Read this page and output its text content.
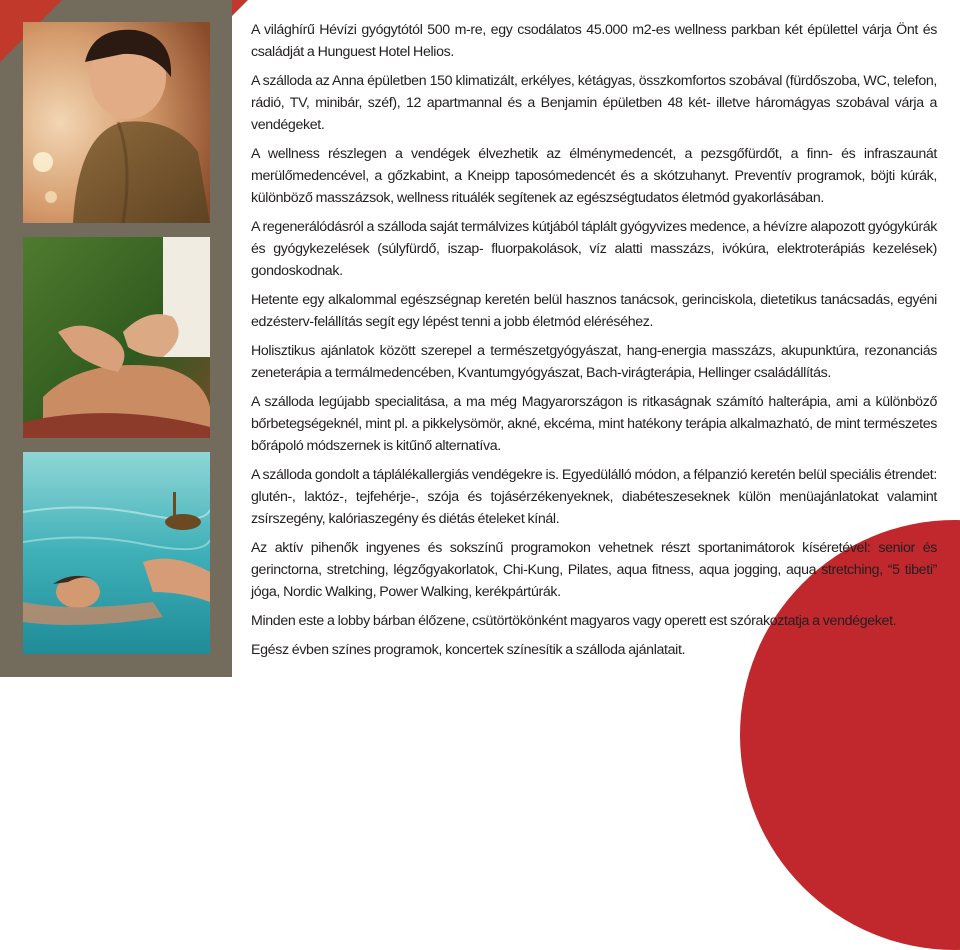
A világhírű Hévízi gyógytótól 500 m-re, egy csodálatos 45.000 m2-es wellness parkban két épülettel várja Önt és családját a Hunguest Hotel Helios.

A szálloda az Anna épületben 150 klimatizált, erkélyes, kétágyas, összkomfortos szobával (fürdőszoba, WC, telefon, rádió, TV, minibár, széf), 12 apartmannal és a Benjamin épületben 48 két- illetve háromágyas szobával várja a vendégeket.

A wellness részlegen a vendégek élvezhetik az élménymedencét, a pezsgőfürdőt, a finn- és infraszaunát merülőmedencével, a gőzkabint, a Kneipp taposómedencét és a skótzuhanyt. Preventív programok, böjti kúrák, különböző masszázsok, wellness rituálék segítenek az egészségtudatos életmód gyakorlásában.

A regenerálódásról a szálloda saját termálvizes kútjából táplált gyógyvizes medence, a hévízre alapozott gyógykúrák és gyógykezelések (súlyfürdő, iszap- fluorpakolások, víz alatti masszázs, ivókúra, elektroterápiás kezelések) gondoskodnak.

Hetente egy alkalommal egészségnap keretén belül hasznos tanácsok, gerinciskola, dietetikus tanácsadás, egyéni edzésterv-felállítás segít egy lépést tenni a jobb életmód eléréséhez.

Holisztikus ajánlatok között szerepel a természetgyógyászat, hang-energia masszázs, akupunktúra, rezonanciás zeneterápia a termálmedencében, Kvantumgyógyászat, Bach-virágterápia, Hellinger családállítás.

A szálloda legújabb specialitása, a ma még Magyarországon is ritkaságnak számító halterápia, ami a különböző bőrbetegségeknél, mint pl. a pikkelysömör, akné, ekcéma, mint hatékony terápia alkalmazható, de mint természetes bőrápoló módszernek is kitűnő alternatíva.

A szálloda gondolt a táplálékallergiás vendégekre is. Egyedülálló módon, a félpanzió keretén belül speciális étrendet: glutén-, laktóz-, tejfehérje-, szója és tojásérzékenyeknek, diabéteszeseknek külön menüajánlatokat valamint zsírszegény, kalóriaszegény és diétás ételeket kínál.

Az aktív pihenők ingyenes és sokszínű programokon vehetnek részt sportanimátorok kíséretével: senior és gerinctorna, stretching, légzőgyakorlatok, Chi-Kung, Pilates, aqua fitness, aqua jogging, aqua stretching, “5 tibeti” jóga, Nordic Walking, Power Walking, kerékpártúrák.

Minden este a lobby bárban élőzene, csütörtökönként magyaros vagy operett est szórakoztatja a vendégeket.

Egész évben színes programok, koncertek színesítik a szálloda ajánlatait.
